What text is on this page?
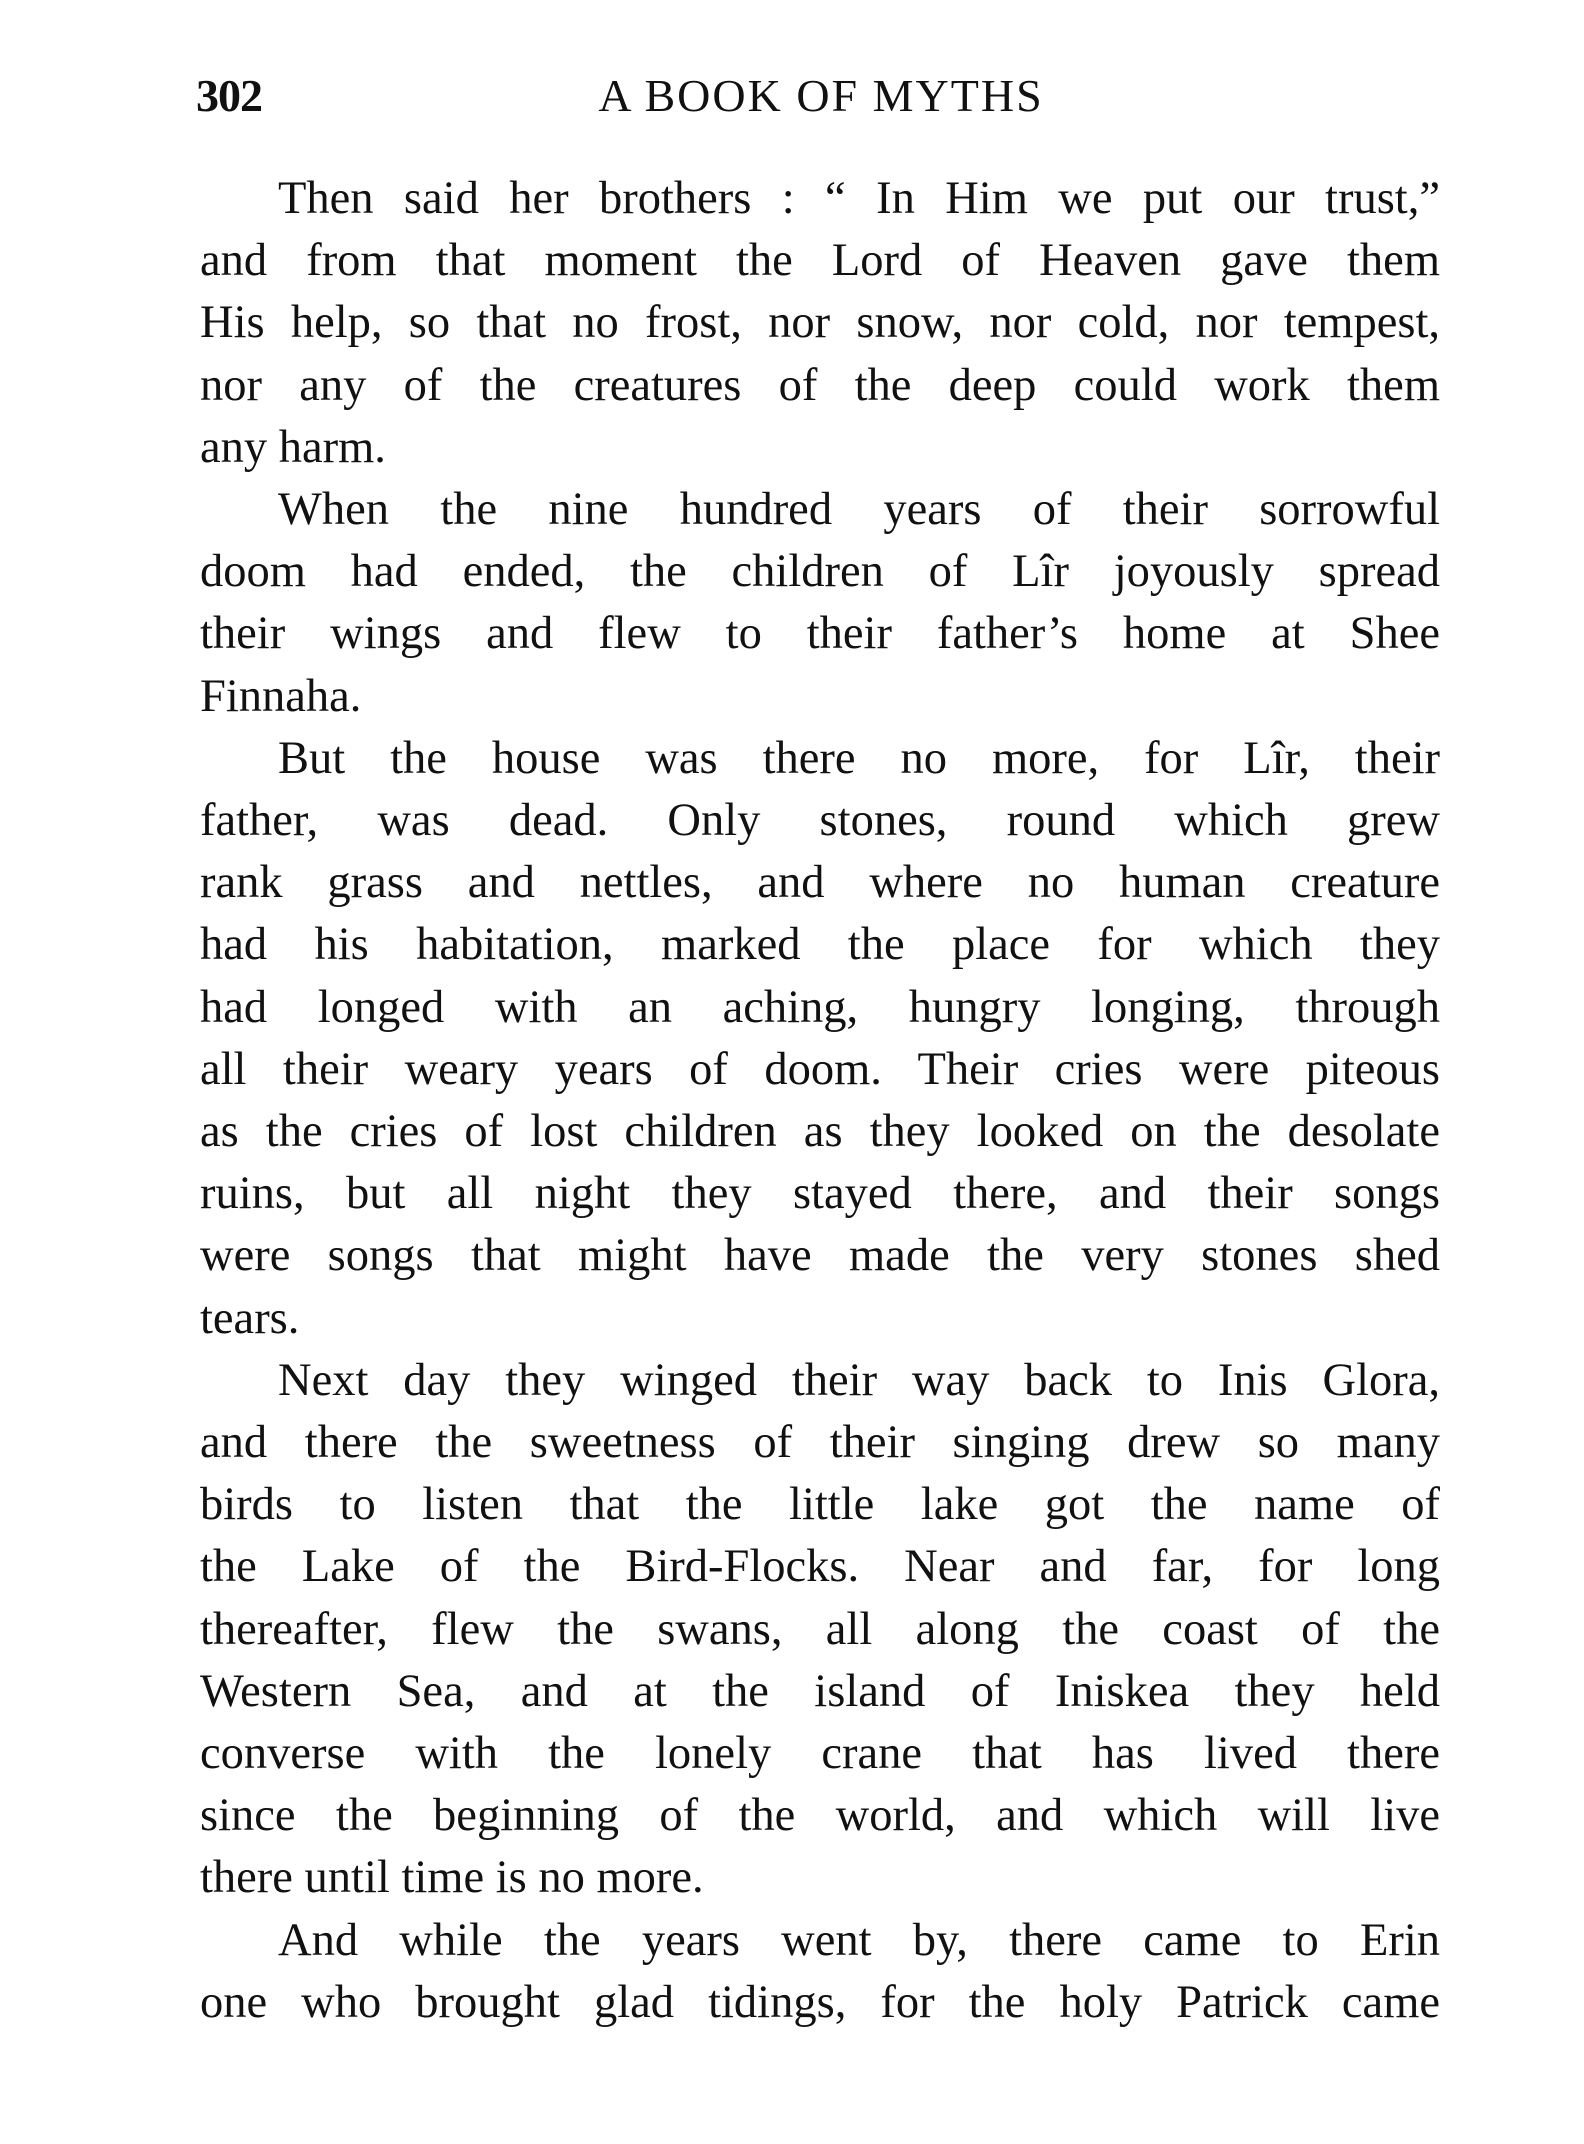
302	A BOOK OF MYTHS

Then said her brothers : “ In Him we put our trust,”
and from that moment the Lord of Heaven gave them
His help, so that no frost, nor snow, nor cold, nor tempest,
nor any of the creatures of the deep could work them
any harm.

When the nine hundred years of their sorrowful
doom had ended, the children of Lîr joyously spread
their wings and flew to their father’s home at Shee
Finnaha.

But the house was there no more, for Lîr, their
father, was dead. Only stones, round which grew
rank grass and nettles, and where no human creature
had his habitation, marked the place for which they
had longed with an aching, hungry longing, through
all their weary years of doom. Their cries were piteous
as the cries of lost children as they looked on the desolate
ruins, but all night they stayed there, and their songs
were songs that might have made the very stones shed
tears.

Next day they winged their way back to Inis Glora,
and there the sweetness of their singing drew so many
birds to listen that the little lake got the name of
the Lake of the Bird-Flocks. Near and far, for long
thereafter, flew the swans, all along the coast of the
Western Sea, and at the island of Iniskea they held
converse with the lonely crane that has lived there
since the beginning of the world, and which will live
there until time is no more.

And while the years went by, there came to Erin
one who brought glad tidings, for the holy Patrick came
